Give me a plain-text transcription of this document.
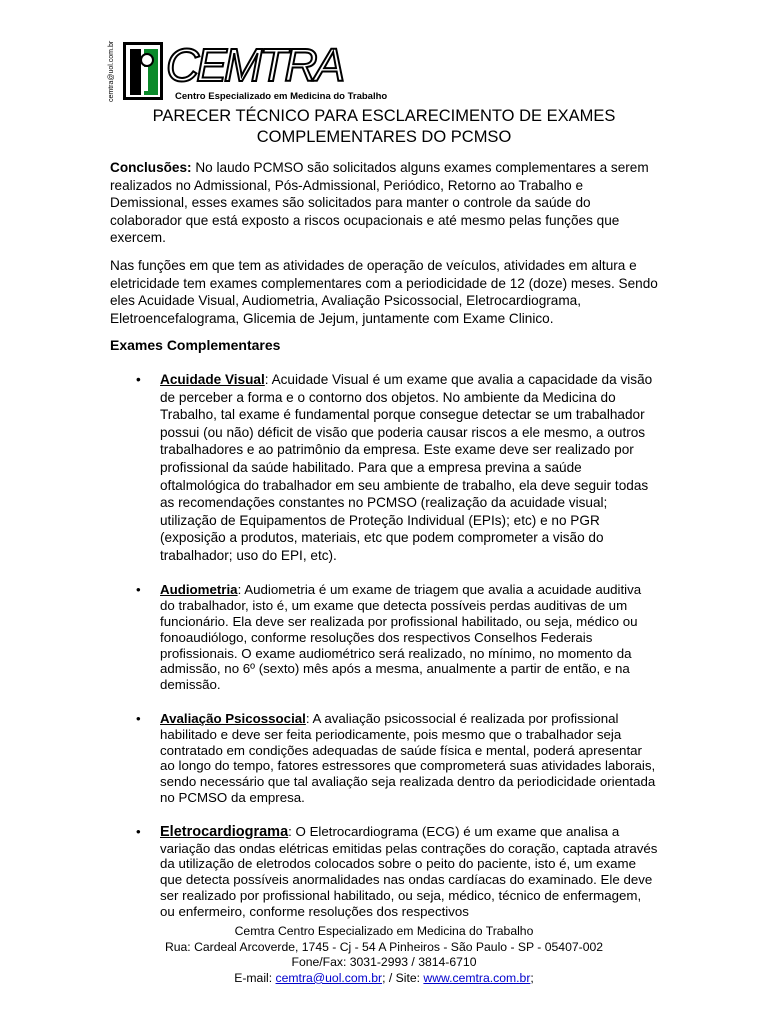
cemtra@uol.com.br CEMTRA
Centro Especializado em Medicina do Trabalho
PARECER TÉCNICO PARA ESCLARECIMENTO DE EXAMES
COMPLEMENTARES DO PCMSO

Conclusões: No laudo PCMSO são solicitados alguns exames complementares a serem realizados no Admissional, Pós-Admissional, Periódico, Retorno ao Trabalho e Demissional, esses exames são solicitados para manter o controle da saúde do colaborador que está exposto a riscos ocupacionais e até mesmo pelas funções que exercem.

Nas funções em que tem as atividades de operação de veículos, atividades em altura e eletricidade tem exames complementares com a periodicidade de 12 (doze) meses. Sendo eles Acuidade Visual, Audiometria, Avaliação Psicossocial, Eletrocardiograma, Eletroencefalograma, Glicemia de Jejum, juntamente com Exame Clinico.

Exames Complementares
• Acuidade Visual: Acuidade Visual é um exame que avalia a capacidade da visão de perceber a forma e o contorno dos objetos. No ambiente da Medicina do Trabalho, tal exame é fundamental porque consegue detectar se um trabalhador possui (ou não) déficit de visão que poderia causar riscos a ele mesmo, a outros trabalhadores e ao patrimônio da empresa. Este exame deve ser realizado por profissional da saúde habilitado. Para que a empresa previna a saúde oftalmológica do trabalhador em seu ambiente de trabalho, ela deve seguir todas as recomendações constantes no PCMSO (realização da acuidade visual; utilização de Equipamentos de Proteção Individual (EPIs); etc) e no PGR (exposição a produtos, materiais, etc que podem comprometer a visão do trabalhador; uso do EPI, etc).
• Audiometria: Audiometria é um exame de triagem que avalia a acuidade auditiva do trabalhador, isto é, um exame que detecta possíveis perdas auditivas de um funcionário. Ela deve ser realizada por profissional habilitado, ou seja, médico ou fonoaudiólogo, conforme resoluções dos respectivos Conselhos Federais profissionais. O exame audiométrico será realizado, no mínimo, no momento da admissão, no 6º (sexto) mês após a mesma, anualmente a partir de então, e na demissão.
• Avaliação Psicossocial: A avaliação psicossocial é realizada por profissional habilitado e deve ser feita periodicamente, pois mesmo que o trabalhador seja contratado em condições adequadas de saúde física e mental, poderá apresentar ao longo do tempo, fatores estressores que comprometerá suas atividades laborais, sendo necessário que tal avaliação seja realizada dentro da periodicidade orientada no PCMSO da empresa.
• Eletrocardiograma: O Eletrocardiograma (ECG) é um exame que analisa a variação das ondas elétricas emitidas pelas contrações do coração, captada através da utilização de eletrodos colocados sobre o peito do paciente, isto é, um exame que detecta possíveis anormalidades nas ondas cardíacas do examinado. Ele deve ser realizado por profissional habilitado, ou seja, médico, técnico de enfermagem, ou enfermeiro, conforme resoluções dos respectivos
Cemtra Centro Especializado em Medicina do Trabalho
Rua: Cardeal Arcoverde, 1745 - Cj - 54 A Pinheiros - São Paulo - SP - 05407-002
Fone/Fax: 3031-2993 / 3814-6710
E-mail: cemtra@uol.com.br; / Site: www.cemtra.com.br;
